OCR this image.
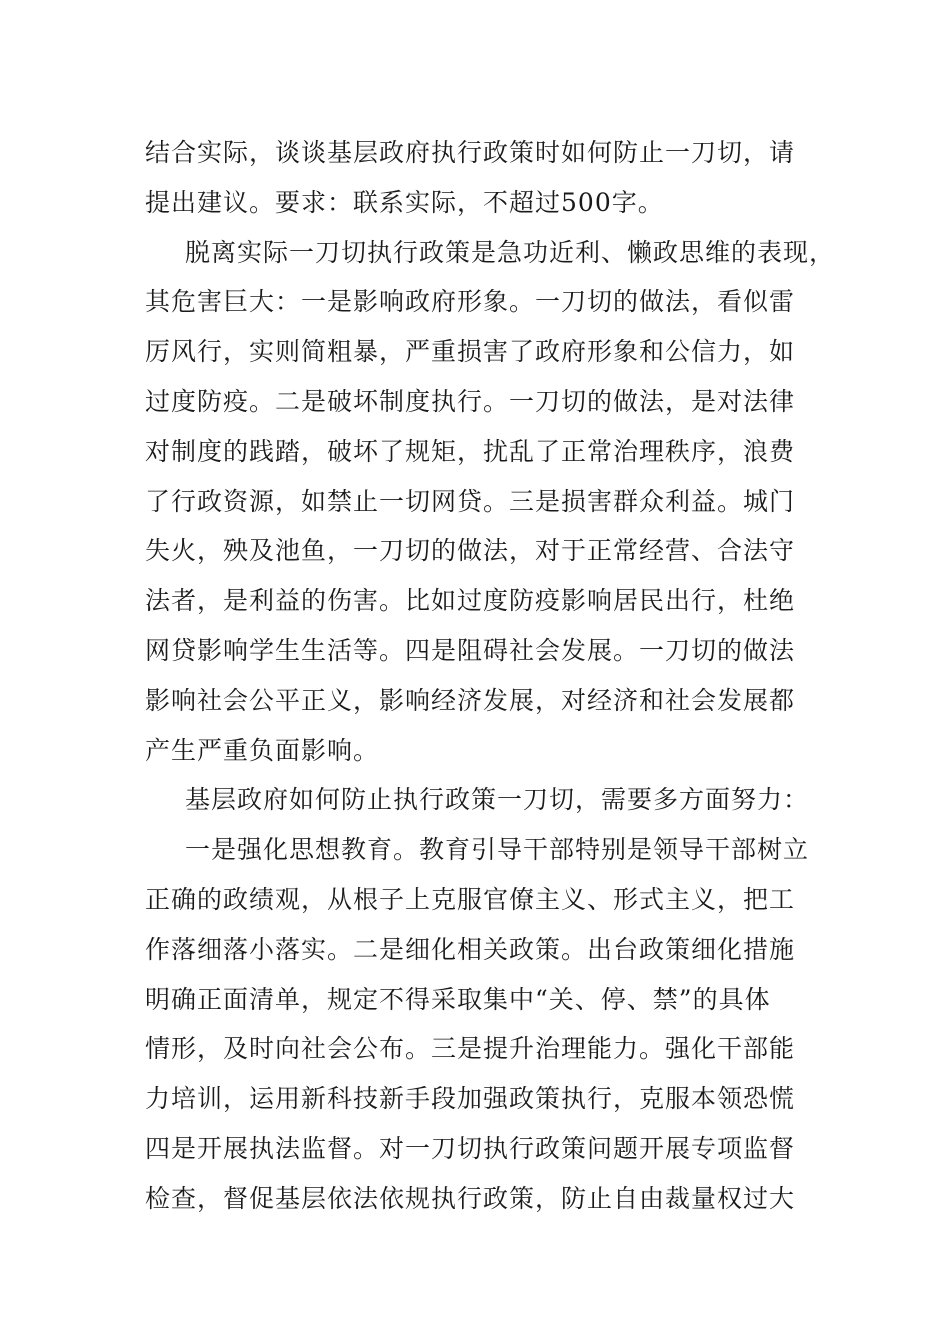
结合实际，谈谈基层政府执行政策时如何防止一刀切，请
提出建议。要求：联系实际，不超过500字。
脱离实际一刀切执行政策是急功近利、懒政思维的表现，
其危害巨大：一是影响政府形象。一刀切的做法，看似雷
厉风行，实则简粗暴，严重损害了政府形象和公信力，如
过度防疫。二是破坏制度执行。一刀切的做法，是对法律
对制度的践踏，破坏了规矩，扰乱了正常治理秩序，浪费
了行政资源，如禁止一切网贷。三是损害群众利益。城门
失火，殃及池鱼，一刀切的做法，对于正常经营、合法守
法者，是利益的伤害。比如过度防疫影响居民出行，杜绝
网贷影响学生生活等。四是阻碍社会发展。一刀切的做法
影响社会公平正义，影响经济发展，对经济和社会发展都
产生严重负面影响。
基层政府如何防止执行政策一刀切，需要多方面努力：
一是强化思想教育。教育引导干部特别是领导干部树立
正确的政绩观，从根子上克服官僚主义、形式主义，把工
作落细落小落实。二是细化相关政策。出台政策细化措施
明确正面清单，规定不得采取集中“关、停、禁”的具体
情形，及时向社会公布。三是提升治理能力。强化干部能
力培训，运用新科技新手段加强政策执行，克服本领恐慌
四是开展执法监督。对一刀切执行政策问题开展专项监督
检查，督促基层依法依规执行政策，防止自由裁量权过大
